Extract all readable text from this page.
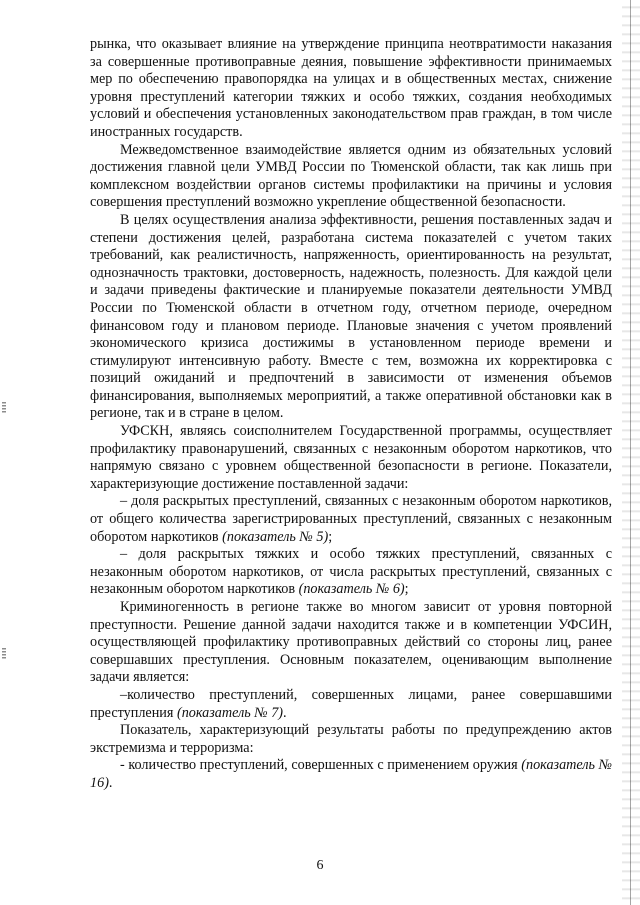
рынка, что оказывает влияние на утверждение принципа неотвратимости наказания за совершенные противоправные деяния, повышение эффективности принимаемых мер по обеспечению правопорядка на улицах и в общественных местах, снижение уровня преступлений категории тяжких и особо тяжких, создания необходимых условий и обеспечения установленных законодательством прав граждан, в том числе иностранных государств.

Межведомственное взаимодействие является одним из обязательных условий достижения главной цели УМВД России по Тюменской области, так как лишь при комплексном воздействии органов системы профилактики на причины и условия совершения преступлений возможно укрепление общественной безопасности.

В целях осуществления анализа эффективности, решения поставленных задач и степени достижения целей, разработана система показателей с учетом таких требований, как реалистичность, напряженность, ориентированность на результат, однозначность трактовки, достоверность, надежность, полезность. Для каждой цели и задачи приведены фактические и планируемые показатели деятельности УМВД России по Тюменской области в отчетном году, отчетном периоде, очередном финансовом году и плановом периоде. Плановые значения с учетом проявлений экономического кризиса достижимы в установленном периоде времени и стимулируют интенсивную работу. Вместе с тем, возможна их корректировка с позиций ожиданий и предпочтений в зависимости от изменения объемов финансирования, выполняемых мероприятий, а также оперативной обстановки как в регионе, так и в стране в целом.

УФСКН, являясь соисполнителем Государственной программы, осуществляет профилактику правонарушений, связанных с незаконным оборотом наркотиков, что напрямую связано с уровнем общественной безопасности в регионе. Показатели, характеризующие достижение поставленной задачи:

– доля раскрытых преступлений, связанных с незаконным оборотом наркотиков, от общего количества зарегистрированных преступлений, связанных с незаконным оборотом наркотиков (показатель № 5);

– доля раскрытых тяжких и особо тяжких преступлений, связанных с незаконным оборотом наркотиков, от числа раскрытых преступлений, связанных с незаконным оборотом наркотиков (показатель № 6);

Криминогенность в регионе также во многом зависит от уровня повторной преступности. Решение данной задачи находится также и в компетенции УФСИН, осуществляющей профилактику противоправных действий со стороны лиц, ранее совершавших преступления. Основным показателем, оценивающим выполнение задачи является:

–количество преступлений, совершенных лицами, ранее совершавшими преступления (показатель № 7).

Показатель, характеризующий результаты работы по предупреждению актов экстремизма и терроризма:

- количество преступлений, совершенных с применением оружия (показатель № 16).

6
